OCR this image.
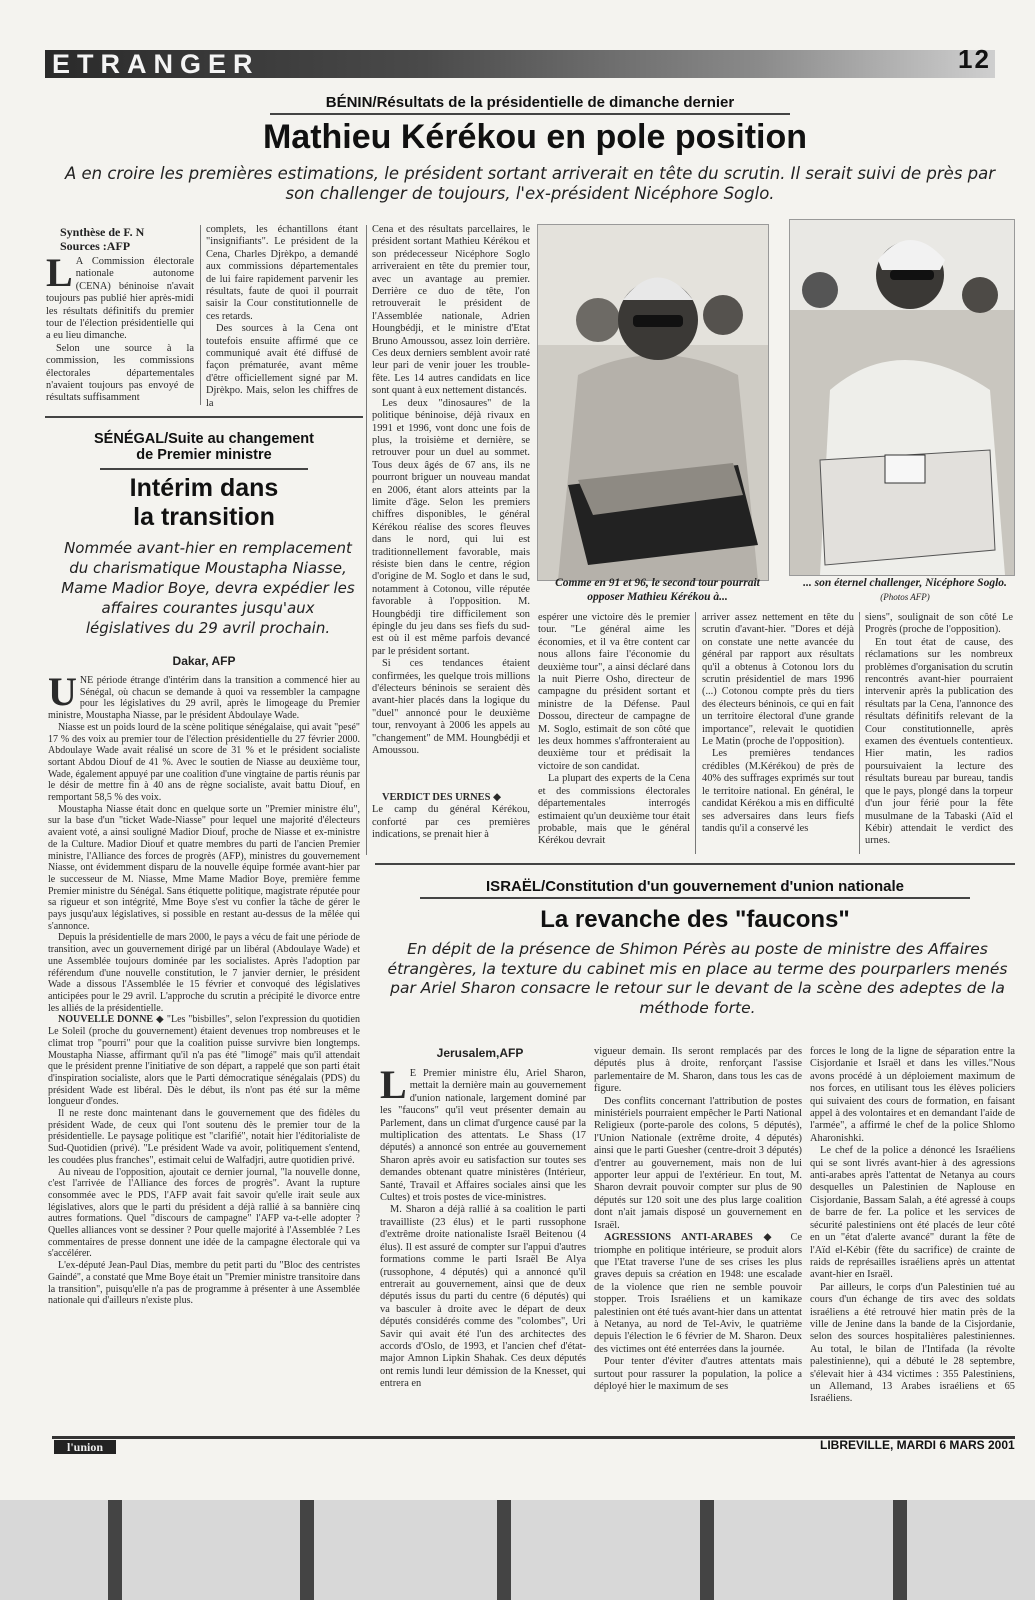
ETRANGER	12
BÉNIN/Résultats de la présidentielle de dimanche dernier
Mathieu Kérékou en pole position
A en croire les premières estimations, le président sortant arriverait en tête du scrutin. Il serait suivi de près par son challenger de toujours, l'ex-président Nicéphore Soglo.
Synthèse de F. N
Sources :AFP

LA Commission électorale nationale autonome (CENA) béninoise n'avait toujours pas publié hier après-midi les résultats définitifs du premier tour de l'élection présidentielle qui a eu lieu dimanche.

Selon une source à la commission, les commissions électorales départementales n'avaient toujours pas envoyé de résultats suffisamment

complets, les échantillons étant "insignifiants". Le président de la Cena, Charles Djrèkpo, a demandé aux commissions départementales de lui faire rapidement parvenir les résultats, faute de quoi il pourrait saisir la Cour constitutionnelle de ces retards.

Des sources à la Cena ont toutefois ensuite affirmé que ce communiqué avait été diffusé de façon prématurée, avant même d'être officiellement signé par M. Djrèkpo. Mais, selon les chiffres de la

Cena et des résultats parcellaires, le président sortant Mathieu Kérékou et son prédecesseur Nicéphore Soglo arriveraient en tête du premier tour, avec un avantage au premier. Derrière ce duo de tête, l'on retrouverait le président de l'Assemblée nationale, Adrien Houngbédji, et le ministre d'Etat Bruno Amoussou, assez loin derrière. Ces deux derniers semblent avoir raté leur pari de venir jouer les trouble-fête. Les 14 autres candidats en lice sont quant à eux nettement distancés.

Les deux "dinosaures" de la politique béninoise, déjà rivaux en 1991 et 1996, vont donc une fois de plus, la troisième et dernière, se retrouver pour un duel au sommet. Tous deux âgés de 67 ans, ils ne pourront briguer un nouveau mandat en 2006, étant alors atteints par la limite d'âge. Selon les premiers chiffres disponibles, le général Kérékou réalise des scores fleuves dans le nord, qui lui est traditionnellement favorable, mais résiste bien dans le centre, région d'origine de M. Soglo et dans le sud, notamment à Cotonou, ville réputée favorable à l'opposition. M. Houngbédji tire difficilement son épingle du jeu dans ses fiefs du sud-est où il est même parfois devancé par le président sortant.

Si ces tendances étaient confirmées, les quelque trois millions d'électeurs béninois se seraient dès avant-hier placés dans la logique du "duel" annoncé pour le deuxième tour, renvoyant à 2006 les appels au "changement" de MM. Houngbédji et Amoussou.

VERDICT DES URNES ◆
Le camp du général Kérékou, conforté par ces premières indications, se prenait hier à
Comme en 91 et 96, le second tour pourrait opposer Mathieu Kérékou à...
... son éternel challenger, Nicéphore Soglo. (Photos AFP)

espérer une victoire dès le premier tour. "Le général aime les économies, et il va être content car nous allons faire l'économie du deuxième tour", a ainsi déclaré dans la nuit Pierre Osho, directeur de campagne du président sortant et ministre de la Défense. Paul Dossou, directeur de campagne de M. Soglo, estimait de son côté que les deux hommes s'affronteraient au deuxième tour et prédisait la victoire de son candidat.

La plupart des experts de la Cena et des commissions électorales départementales interrogés estimaient qu'un deuxième tour était probable, mais que le général Kérékou devrait

arriver assez nettement en tête du scrutin d'avant-hier. "Dores et déjà on constate une nette avancée du général par rapport aux résultats qu'il a obtenus à Cotonou lors du scrutin présidentiel de mars 1996 (...) Cotonou compte près du tiers des électeurs béninois, ce qui en fait un territoire électoral d'une grande importance", relevait le quotidien Le Matin (proche de l'opposition).

Les premières tendances crédibles (M.Kérékou) de près de 40% des suffrages exprimés sur tout le territoire national. En général, le candidat Kérékou a mis en difficulté ses adversaires dans leurs fiefs tandis qu'il a conservé les

siens", soulignait de son côté Le Progrès (proche de l'opposition).

En tout état de cause, des réclamations sur les nombreux problèmes d'organisation du scrutin rencontrés avant-hier pourraient intervenir après la publication des résultats par la Cena, l'annonce des résultats définitifs relevant de la Cour constitutionnelle, après examen des éventuels contentieux. Hier matin, les radios poursuivaient la lecture des résultats bureau par bureau, tandis que le pays, plongé dans la torpeur d'un jour férié pour la fête musulmane de la Tabaski (Aïd el Kébir) attendait le verdict des urnes.

SÉNÉGAL/Suite au changement
de Premier ministre
Intérim dans
la transition
Nommée avant-hier en remplacement du charismatique Moustapha Niasse, Mame Madior Boye, devra expédier les affaires courantes jusqu'aux législatives du 29 avril prochain.
Dakar, AFP

UNE période étrange d'intérim dans la transition a commencé hier au Sénégal, où chacun se demande à quoi va ressembler la campagne pour les législatives du 29 avril, après le limogeage du Premier ministre, Moustapha Niasse, par le président Abdoulaye Wade.

Niasse est un poids lourd de la scène politique sénégalaise, qui avait "pesé" 17 % des voix au premier tour de l'élection présidentielle du 27 février 2000. Abdoulaye Wade avait réalisé un score de 31 % et le président socialiste sortant Abdou Diouf de 41 %. Avec le soutien de Niasse au deuxième tour, Wade, également appuyé par une coalition d'une vingtaine de partis réunis par le désir de mettre fin à 40 ans de règne socialiste, avait battu Diouf, en remportant 58,5 % des voix.

Moustapha Niasse était donc en quelque sorte un "Premier ministre élu", sur la base d'un "ticket Wade-Niasse" pour lequel une majorité d'électeurs avaient voté, a ainsi souligné Madior Diouf, proche de Niasse et ex-ministre de la Culture. Madior Diouf et quatre membres du parti de l'ancien Premier ministre, l'Alliance des forces de progrès (AFP), ministres du gouvernement Niasse, ont évidemment disparu de la nouvelle équipe formée avant-hier par le successeur de M. Niasse, Mme Mame Madior Boye, première femme Premier ministre du Sénégal. Sans étiquette politique, magistrate réputée pour sa rigueur et son intégrité, Mme Boye s'est vu confier la tâche de gérer le pays jusqu'aux législatives, si possible en restant au-dessus de la mêlée qui s'annonce.

Depuis la présidentielle de mars 2000, le pays a vécu de fait une période de transition, avec un gouvernement dirigé par un libéral (Abdoulaye Wade) et une Assemblée toujours dominée par les socialistes. Après l'adoption par référendum d'une nouvelle constitution, le 7 janvier dernier, le président Wade a dissous l'Assemblée le 15 février et convoqué des législatives anticipées pour le 29 avril. L'approche du scrutin a précipité le divorce entre les alliés de la présidentielle.

NOUVELLE DONNE ◆ "Les "bisbilles", selon l'expression du quotidien Le Soleil (proche du gouvernement) étaient devenues trop nombreuses et le climat trop "pourri" pour que la coalition puisse survivre bien longtemps. Moustapha Niasse, affirmant qu'il n'a pas été "limogé" mais qu'il attendait que le président prenne l'initiative de son départ, a rappelé que son parti était d'inspiration socialiste, alors que le Parti démocratique sénégalais (PDS) du président Wade est libéral. Dès le début, ils n'ont pas été sur la même longueur d'ondes.

Il ne reste donc maintenant dans le gouvernement que des fidèles du président Wade, de ceux qui l'ont soutenu dès le premier tour de la présidentielle. Le paysage politique est "clarifié", notait hier l'éditorialiste de Sud-Quotidien (privé). "Le président Wade va avoir, politiquement s'entend, les coudées plus franches", estimait celui de Walfadjri, autre quotidien privé.

Au niveau de l'opposition, ajoutait ce dernier journal, "la nouvelle donne, c'est l'arrivée de l'Alliance des forces de progrès". Avant la rupture consommée avec le PDS, l'AFP avait fait savoir qu'elle irait seule aux législatives, alors que le parti du président a déjà rallié à sa bannière cinq autres formations. Quel "discours de campagne" l'AFP va-t-elle adopter ? Quelles alliances vont se dessiner ? Pour quelle majorité à l'Assemblée ? Les commentaires de presse donnent une idée de la campagne électorale qui va s'accélérer.

L'ex-député Jean-Paul Dias, membre du petit parti du "Bloc des centristes Gaindé", a constaté que Mme Boye était un "Premier ministre transitoire dans la transition", puisqu'elle n'a pas de programme à présenter à une Assemblée nationale qui d'ailleurs n'existe plus.

ISRAËL/Constitution d'un gouvernement d'union nationale
La revanche des "faucons"
En dépit de la présence de Shimon Pérès au poste de ministre des Affaires étrangères, la texture du cabinet mis en place au terme des pourparlers menés par Ariel Sharon consacre le retour sur le devant de la scène des adeptes de la méthode forte.
Jerusalem,AFP

LE Premier ministre élu, Ariel Sharon, mettait la dernière main au gouvernement d'union nationale, largement dominé par les "faucons" qu'il veut présenter demain au Parlement, dans un climat d'urgence causé par la multiplication des attentats. Le Shass (17 députés) a annoncé son entrée au gouvernement Sharon après avoir eu satisfaction sur toutes ses demandes obtenant quatre ministères (Intérieur, Santé, Travail et Affaires sociales ainsi que les Cultes) et trois postes de vice-ministres.

M. Sharon a déjà rallié à sa coalition le parti travailliste (23 élus) et le parti russophone d'extrême droite nationaliste Israël Beitenou (4 élus). Il est assuré de compter sur l'appui d'autres formations comme le parti Israël Be Alya (russophone, 4 députés) qui a annoncé qu'il entrerait au gouvernement, ainsi que de deux députés issus du parti du centre (6 députés) qui va basculer à droite avec le départ de deux députés considérés comme des "colombes", Uri Savir qui avait été l'un des architectes des accords d'Oslo, de 1993, et l'ancien chef d'état-major Amnon Lipkin Shahak. Ces deux députés ont remis lundi leur démission de la Knesset, qui entrera en

vigueur demain. Ils seront remplacés par des députés plus à droite, renforçant l'assise parlementaire de M. Sharon, dans tous les cas de figure.

Des conflits concernant l'attribution de postes ministériels pourraient empêcher le Parti National Religieux (porte-parole des colons, 5 députés), l'Union Nationale (extrême droite, 4 députés) ainsi que le parti Guesher (centre-droit 3 députés) d'entrer au gouvernement, mais non de lui apporter leur appui de l'extérieur. En tout, M. Sharon devrait pouvoir compter sur plus de 90 députés sur 120 soit une des plus large coalition dont n'ait jamais disposé un gouvernement en Israël.

AGRESSIONS ANTI-ARABES ◆ Ce triomphe en politique intérieure, se produit alors que l'Etat traverse l'une de ses crises les plus graves depuis sa création en 1948: une escalade de la violence que rien ne semble pouvoir stopper. Trois Israéliens et un kamikaze palestinien ont été tués avant-hier dans un attentat à Netanya, au nord de Tel-Aviv, le quatrième depuis l'élection le 6 février de M. Sharon. Deux des victimes ont été enterrées dans la journée.

Pour tenter d'éviter d'autres attentats mais surtout pour rassurer la population, la police a déployé hier le maximum de ses

forces le long de la ligne de séparation entre la Cisjordanie et Israël et dans les villes."Nous avons procédé à un déploiement maximum de nos forces, en utilisant tous les élèves policiers qui suivaient des cours de formation, en faisant appel à des volontaires et en demandant l'aide de l'armée", a affirmé le chef de la police Shlomo Aharonishki.

Le chef de la police a dénoncé les Israéliens qui se sont livrés avant-hier à des agressions anti-arabes après l'attentat de Netanya au cours desquelles un Palestinien de Naplouse en Cisjordanie, Bassam Salah, a été agressé à coups de barre de fer. La police et les services de sécurité palestiniens ont été placés de leur côté en un "état d'alerte avancé" durant la fête de l'Aïd el-Kébir (fête du sacrifice) de crainte de raids de représailles israéliens après un attentat avant-hier en Israël.

Par ailleurs, le corps d'un Palestinien tué au cours d'un échange de tirs avec des soldats israéliens a été retrouvé hier matin près de la ville de Jenine dans la bande de la Cisjordanie, selon des sources hospitalières palestiniennes. Au total, le bilan de l'Intifada (la révolte palestinienne), qui a débuté le 28 septembre, s'élevait hier à 434 victimes : 355 Palestiniens, un Allemand, 13 Arabes israéliens et 65 Israéliens.

l'union	LIBREVILLE, MARDI 6 MARS 2001
